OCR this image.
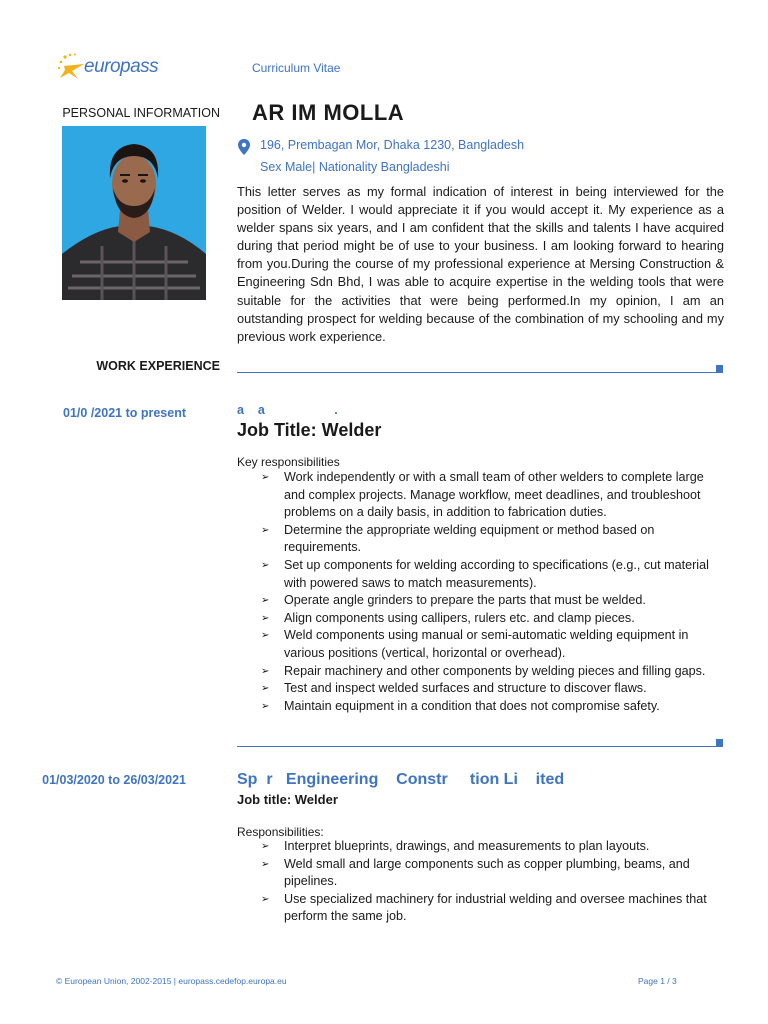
europass	Curriculum Vitae
PERSONAL INFORMATION AR IM MOLLA
196, Prembagan Mor, Dhaka 1230, Bangladesh
Sex Male| Nationality Bangladeshi
This letter serves as my formal indication of interest in being interviewed for the position of Welder. I would appreciate it if you would accept it. My experience as a welder spans six years, and I am confident that the skills and talents I have acquired during that period might be of use to your business. I am looking forward to hearing from you.During the course of my professional experience at Mersing Construction & Engineering Sdn Bhd, I was able to acquire expertise in the welding tools that were suitable for the activities that were being performed.In my opinion, I am an outstanding prospect for welding because of the combination of my schooling and my previous work experience.
WORK EXPERIENCE
01/0 /2021 to present	a    a                    .
Job Title: Welder
Key responsibilities
➢ Work independently or with a small team of other welders to complete large and complex projects. Manage workflow, meet deadlines, and troubleshoot problems on a daily basis, in addition to fabrication duties.
➢ Determine the appropriate welding equipment or method based on requirements.
➢ Set up components for welding according to specifications (e.g., cut material with powered saws to match measurements).
➢ Operate angle grinders to prepare the parts that must be welded.
➢ Align components using callipers, rulers etc. and clamp pieces.
➢ Weld components using manual or semi-automatic welding equipment in various positions (vertical, horizontal or overhead).
➢ Repair machinery and other components by welding pieces and filling gaps.
➢ Test and inspect welded surfaces and structure to discover flaws.
➢ Maintain equipment in a condition that does not compromise safety.
01/03/2020 to 26/03/2021	Sp  r   Engineering    Constr     tion Li    ited
Job title: Welder
Responsibilities:
➢ Interpret blueprints, drawings, and measurements to plan layouts.
➢ Weld small and large components such as copper plumbing, beams, and pipelines.
➢ Use specialized machinery for industrial welding and oversee machines that perform the same job.
© European Union, 2002-2015 | europass.cedefop.europa.eu	Page 1 / 3
